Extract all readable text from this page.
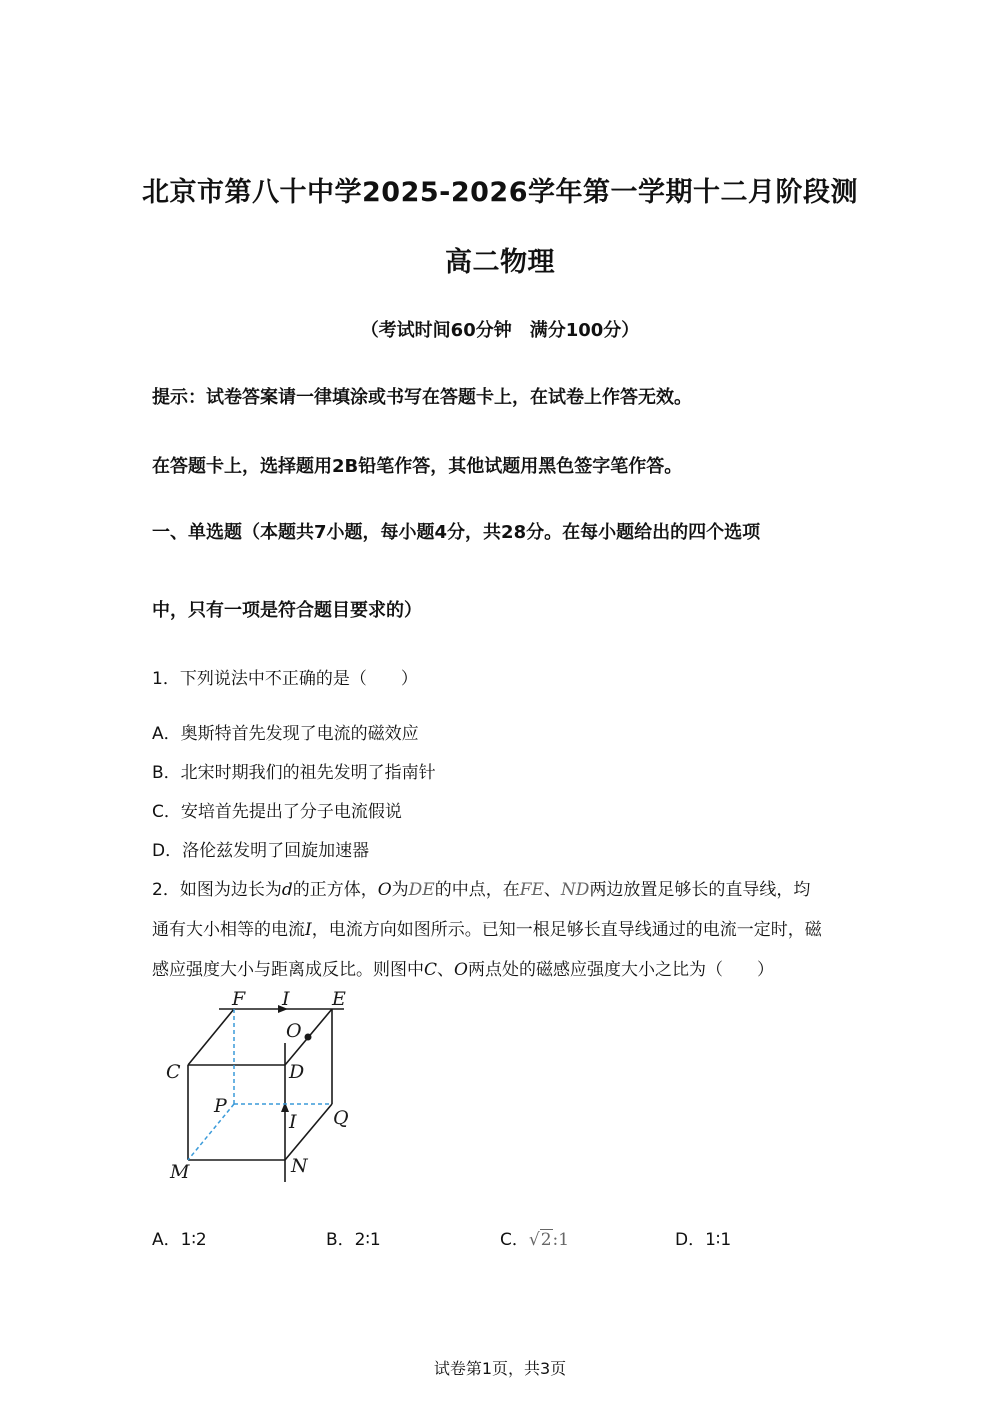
北京市第八十中学2025-2026学年第一学期十二月阶段测
高二物理
（考试时间60分钟　满分100分）
提示：试卷答案请一律填涂或书写在答题卡上，在试卷上作答无效。
在答题卡上，选择题用2B铅笔作答，其他试题用黑色签字笔作答。
一、单选题（本题共7小题，每小题4分，共28分。在每小题给出的四个选项
中，只有一项是符合题目要求的）
1．下列说法中不正确的是（　　）
A．奥斯特首先发现了电流的磁效应
B．北宋时期我们的祖先发明了指南针
C．安培首先提出了分子电流假说
D．洛伦兹发明了回旋加速器
2．如图为边长为d的正方体，O为DE的中点，在FE、ND两边放置足够长的直导线，均
通有大小相等的电流I，电流方向如图所示。已知一根足够长直导线通过的电流一定时，磁
感应强度大小与距离成反比。则图中C、O两点处的磁感应强度大小之比为（　　）
F I E
O
C	D
P
I Q
M	N
A．1∶2	B．2∶1	C．√2:1	D．1∶1
试卷第1页，共3页
